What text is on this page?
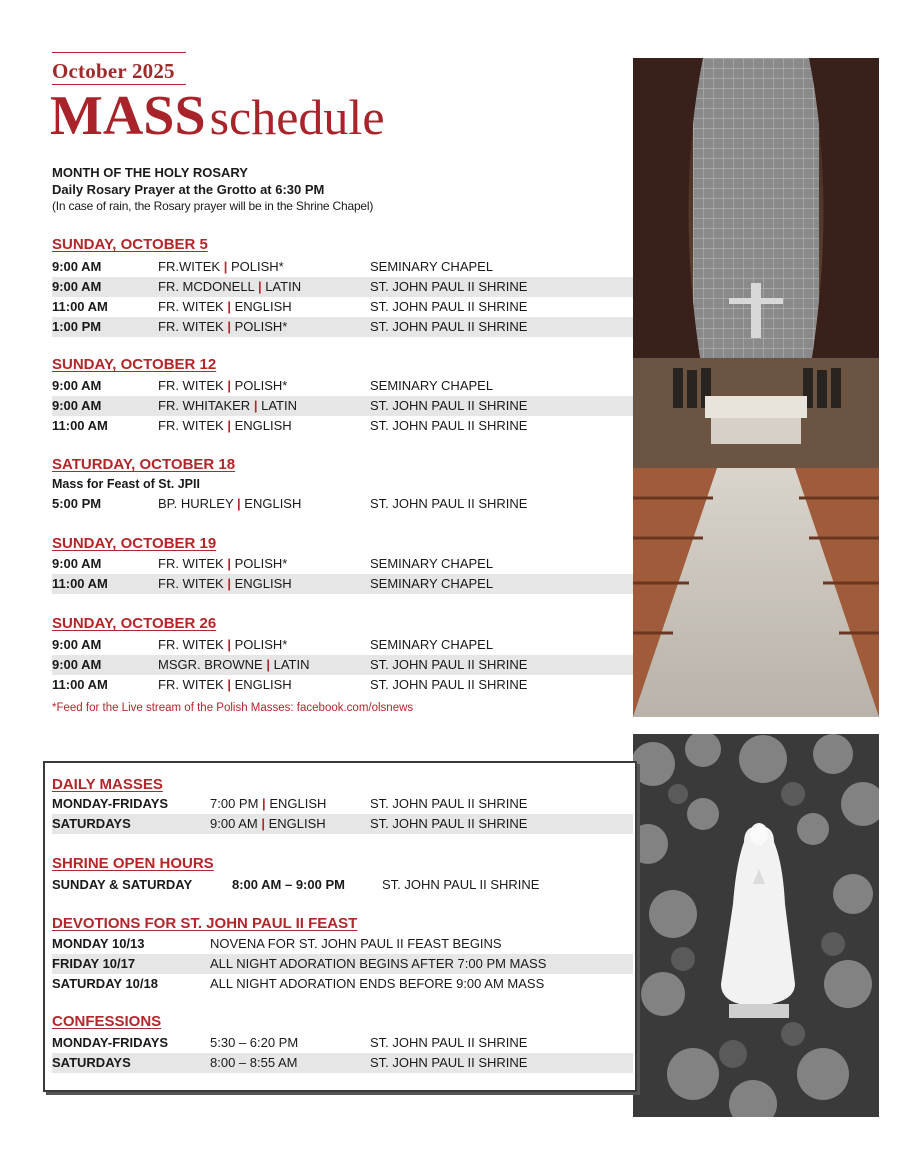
October 2025
MASS schedule
MONTH OF THE HOLY ROSARY
Daily Rosary Prayer at the Grotto at 6:30 PM
(In case of rain, the Rosary prayer will be in the Shrine Chapel)
SUNDAY, OCTOBER 5
9:00 AM	FR.WITEK | POLISH*	SEMINARY CHAPEL
9:00 AM	FR. MCDONELL | LATIN	ST. JOHN PAUL II SHRINE
11:00 AM	FR. WITEK | ENGLISH	ST. JOHN PAUL II SHRINE
1:00 PM	FR. WITEK | POLISH*	ST. JOHN PAUL II SHRINE
SUNDAY, OCTOBER 12
9:00 AM	FR. WITEK | POLISH*	SEMINARY CHAPEL
9:00 AM	FR. WHITAKER | LATIN	ST. JOHN PAUL II SHRINE
11:00 AM	FR. WITEK | ENGLISH	ST. JOHN PAUL II SHRINE
SATURDAY, OCTOBER 18
Mass for Feast of St. JPII
5:00 PM	BP. HURLEY | ENGLISH	ST. JOHN PAUL II SHRINE
SUNDAY, OCTOBER 19
9:00 AM	FR. WITEK | POLISH*	SEMINARY CHAPEL
11:00 AM	FR. WITEK | ENGLISH	SEMINARY CHAPEL
SUNDAY, OCTOBER 26
9:00 AM	FR. WITEK | POLISH*	SEMINARY CHAPEL
9:00 AM	MSGR. BROWNE | LATIN	ST. JOHN PAUL II SHRINE
11:00 AM	FR. WITEK | ENGLISH	ST. JOHN PAUL II SHRINE
*Feed for the Live stream of the Polish Masses: facebook.com/olsnews
DAILY MASSES
MONDAY-FRIDAYS	7:00 PM | ENGLISH	ST. JOHN PAUL II SHRINE
SATURDAYS	9:00 AM | ENGLISH	ST. JOHN PAUL II SHRINE
SHRINE OPEN HOURS
SUNDAY & SATURDAY	8:00 AM – 9:00 PM	ST. JOHN PAUL II SHRINE
DEVOTIONS FOR ST. JOHN PAUL II FEAST
MONDAY 10/13	NOVENA FOR ST. JOHN PAUL II FEAST BEGINS
FRIDAY 10/17	ALL NIGHT ADORATION BEGINS AFTER 7:00 PM MASS
SATURDAY 10/18	ALL NIGHT ADORATION ENDS BEFORE 9:00 AM MASS
CONFESSIONS
MONDAY-FRIDAYS	5:30 – 6:20 PM	ST. JOHN PAUL II SHRINE
SATURDAYS	8:00 – 8:55 AM	ST. JOHN PAUL II SHRINE
